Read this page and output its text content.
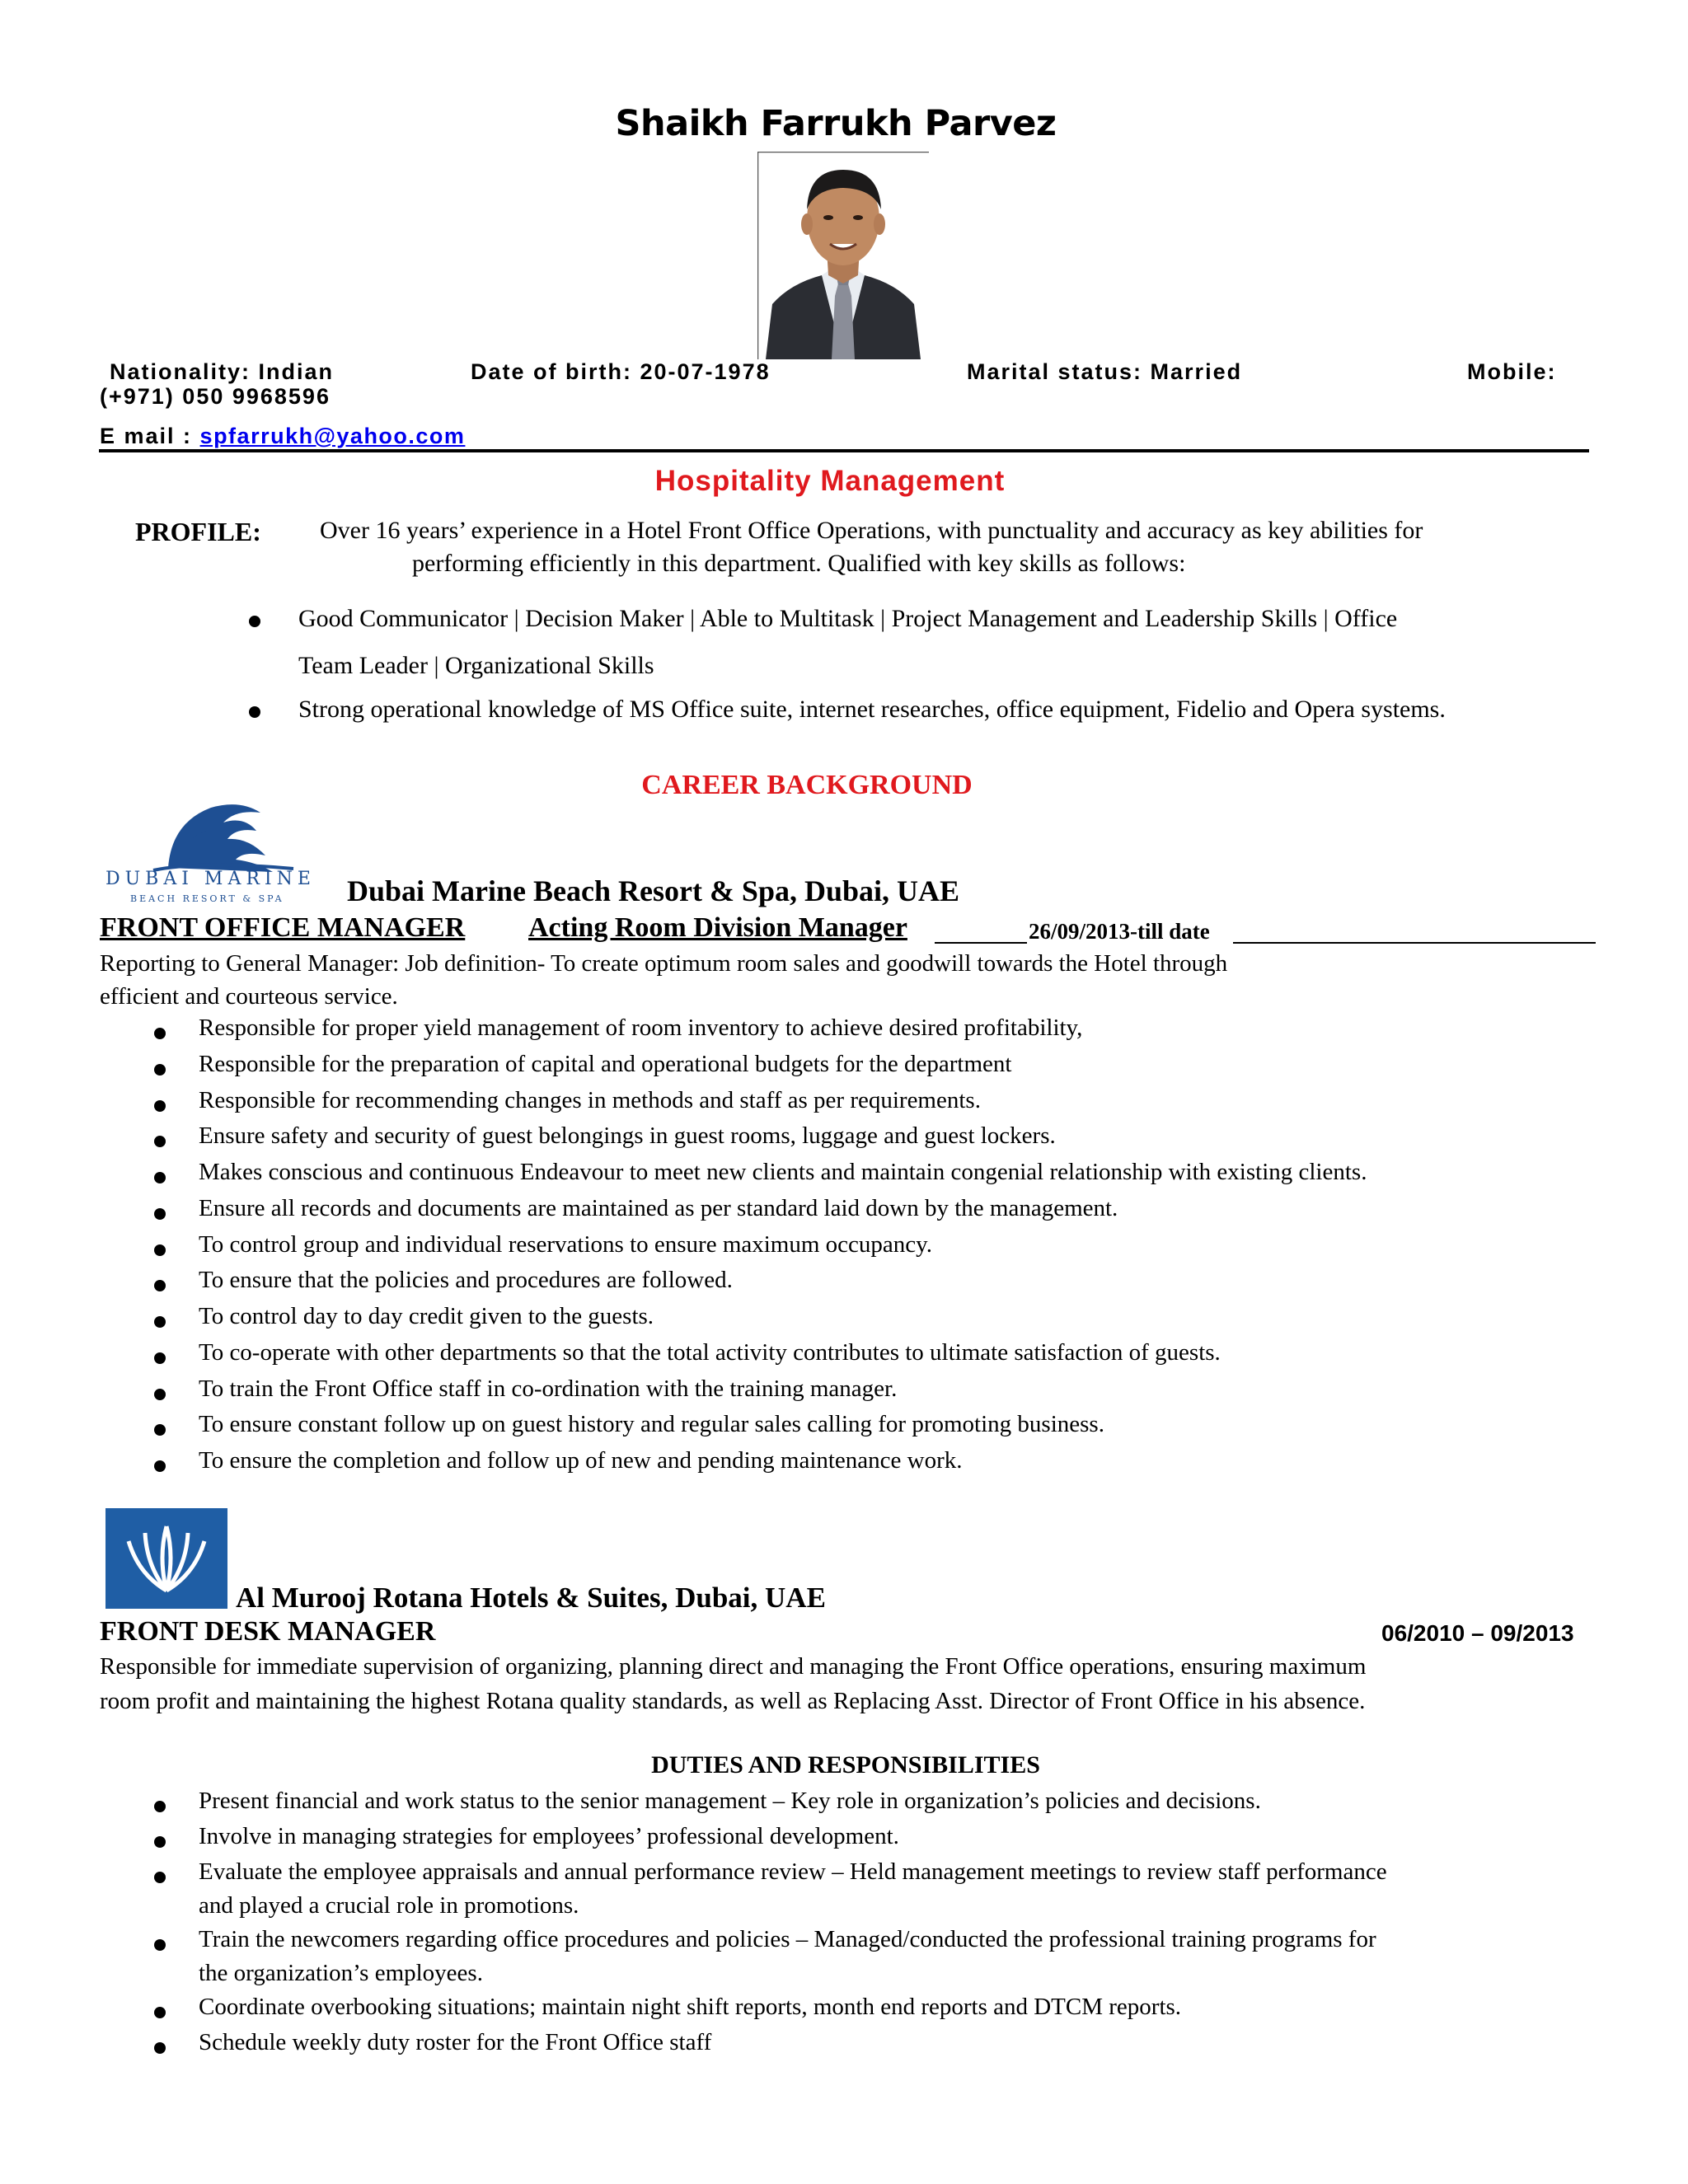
Shaikh Farrukh Parvez
Nationality: Indian	Date of birth: 20-07-1978	Marital status: Married	Mobile:
(+971) 050 9968596
E mail : spfarrukh@yahoo.com
Hospitality Management
PROFILE: Over 16 years’ experience in a Hotel Front Office Operations, with punctuality and accuracy as key abilities for
performing efficiently in this department. Qualified with key skills as follows:
Good Communicator | Decision Maker | Able to Multitask | Project Management and Leadership Skills | Office
Team Leader | Organizational Skills
Strong operational knowledge of MS Office suite, internet researches, office equipment, Fidelio and Opera systems.
CAREER BACKGROUND
DUBAI MARINE
BEACH RESORT & SPA Dubai Marine Beach Resort & Spa, Dubai, UAE
FRONT OFFICE MANAGER Acting Room Division Manager	26/09/2013-till date
Reporting to General Manager: Job definition- To create optimum room sales and goodwill towards the Hotel through
efficient and courteous service.
Responsible for proper yield management of room inventory to achieve desired profitability,
Responsible for the preparation of capital and operational budgets for the department
Responsible for recommending changes in methods and staff as per requirements.
Ensure safety and security of guest belongings in guest rooms, luggage and guest lockers.
Makes conscious and continuous Endeavour to meet new clients and maintain congenial relationship with existing clients.
Ensure all records and documents are maintained as per standard laid down by the management.
To control group and individual reservations to ensure maximum occupancy.
To ensure that the policies and procedures are followed.
To control day to day credit given to the guests.
To co-operate with other departments so that the total activity contributes to ultimate satisfaction of guests.
To train the Front Office staff in co-ordination with the training manager.
To ensure constant follow up on guest history and regular sales calling for promoting business.
To ensure the completion and follow up of new and pending maintenance work.
Al Murooj Rotana Hotels & Suites, Dubai, UAE
FRONT DESK MANAGER	06/2010 – 09/2013
Responsible for immediate supervision of organizing, planning direct and managing the Front Office operations, ensuring maximum
room profit and maintaining the highest Rotana quality standards, as well as Replacing Asst. Director of Front Office in his absence.
DUTIES AND RESPONSIBILITIES
Present financial and work status to the senior management – Key role in organization’s policies and decisions.
Involve in managing strategies for employees’ professional development.
Evaluate the employee appraisals and annual performance review – Held management meetings to review staff performance
and played a crucial role in promotions.
Train the newcomers regarding office procedures and policies – Managed/conducted the professional training programs for
the organization’s employees.
Coordinate overbooking situations; maintain night shift reports, month end reports and DTCM reports.
Schedule weekly duty roster for the Front Office staff
